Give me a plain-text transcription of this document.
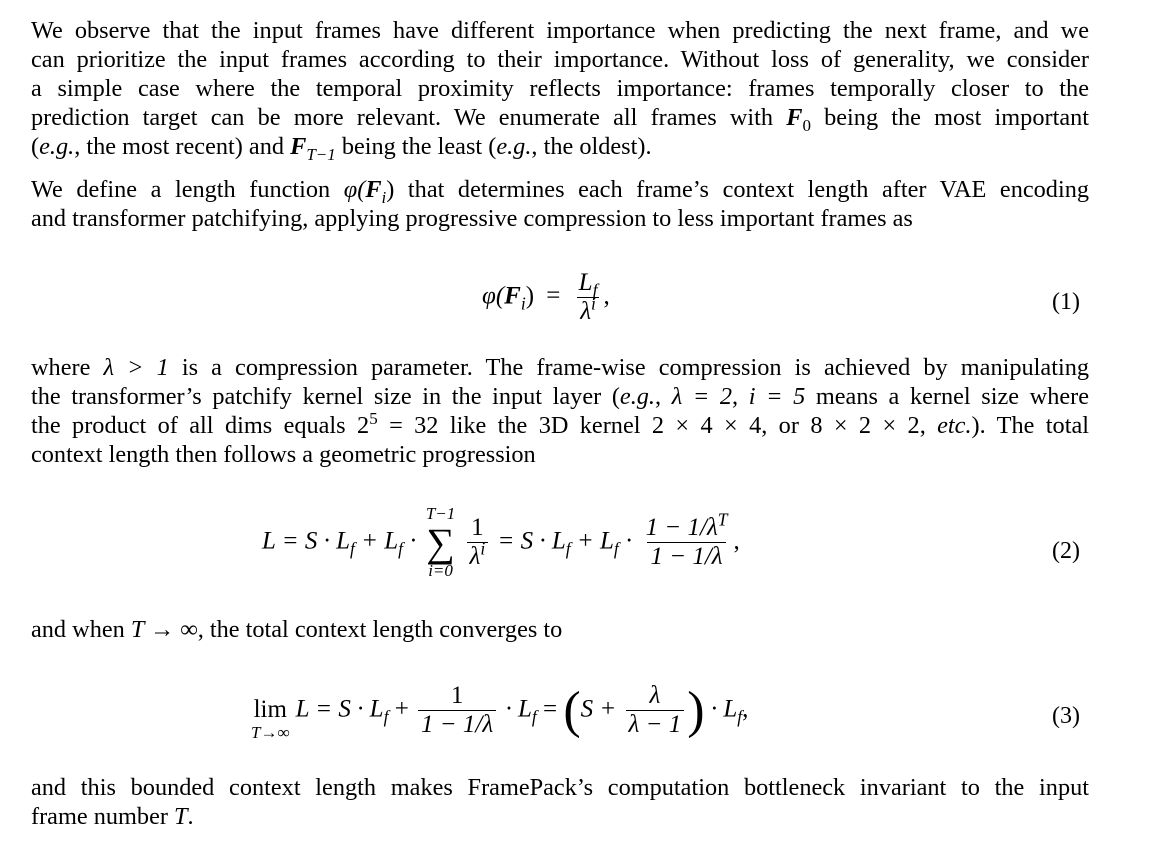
We observe that the input frames have different importance when predicting the next frame, and we
can prioritize the input frames according to their importance. Without loss of generality, we consider
a simple case where the temporal proximity reflects importance: frames temporally closer to the
prediction target can be more relevant. We enumerate all frames with $F_0$ being the most important
(e.g., the most recent) and $F_{T-1}$ being the least (e.g., the oldest).
We define a length function $\varphi(F_i)$ that determines each frame’s context length after VAE encoding
and transformer patchifying, applying progressive compression to less important frames as
$\varphi(F_i) = \frac{L_f}{\lambda^i}$ ,	(1)
where λ > 1 is a compression parameter. The frame-wise compression is achieved by manipulating
the transformer’s patchify kernel size in the input layer (e.g., λ = 2, i = 5 means a kernel size where
the product of all dims equals $2^5 = 32$ like the 3D kernel 2 × 4 × 4, or 8 × 2 × 2, etc.). The total
context length then follows a geometric progression
$L = S \cdot L_f + L_f$ ·
T−1
∑
i=0
$\frac{1}{\lambda^i} = S \cdot L_f + L_f \cdot \frac{1 - 1/\lambda^T}{1 - 1/\lambda}$ ,	(2)
and when T → ∞, the total context length converges to
lim
T→∞
$L = S \cdot L_f + \frac{1}{1 - 1/\lambda} \cdot L_f = (S + \frac{\lambda}{\lambda - 1}$ ) · $L_f$,	(3)
and this bounded context length makes FramePack’s computation bottleneck invariant to the input
frame number T.
